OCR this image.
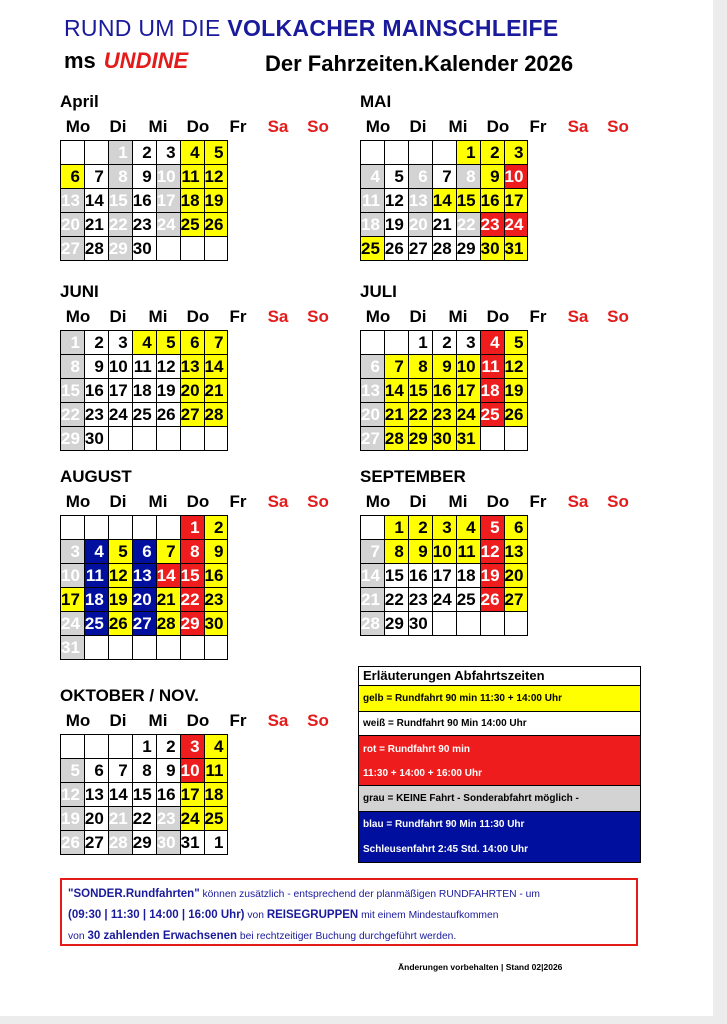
RUND UM DIE VOLKACHER MAINSCHLEIFE
ms UNDINE	Der Fahrzeiten.Kalender 2026
April
Mo	Di	Mi	Do	Fr	Sa	So
		1	2	3	4	5
6	7	8	9	10	11	12
13	14	15	16	17	18	19
20	21	22	23	24	25	26
27	28	29	30			
MAI
Mo	Di	Mi	Do	Fr	Sa	So
				1	2	3
4	5	6	7	8	9	10
11	12	13	14	15	16	17
18	19	20	21	22	23	24
25	26	27	28	29	30	31
JUNI
Mo	Di	Mi	Do	Fr	Sa	So
1	2	3	4	5	6	7
8	9	10	11	12	13	14
15	16	17	18	19	20	21
22	23	24	25	26	27	28
29	30					
JULI
Mo	Di	Mi	Do	Fr	Sa	So
		1	2	3	4	5
6	7	8	9	10	11	12
13	14	15	16	17	18	19
20	21	22	23	24	25	26
27	28	29	30	31		
AUGUST
Mo	Di	Mi	Do	Fr	Sa	So
					1	2
3	4	5	6	7	8	9
10	11	12	13	14	15	16
17	18	19	20	21	22	23
24	25	26	27	28	29	30
31						
SEPTEMBER
Mo	Di	Mi	Do	Fr	Sa	So
	1	2	3	4	5	6
7	8	9	10	11	12	13
14	15	16	17	18	19	20
21	22	23	24	25	26	27
28	29	30				
OKTOBER / NOV.
Mo	Di	Mi	Do	Fr	Sa	So
			1	2	3	4
5	6	7	8	9	10	11
12	13	14	15	16	17	18
19	20	21	22	23	24	25
26	27	28	29	30	31	1
Erläuterungen Abfahrtszeiten
gelb = Rundfahrt 90 min 11:30 + 14:00 Uhr
weiß = Rundfahrt 90 Min 14:00 Uhr
rot = Rundfahrt 90 min
11:30 + 14:00 + 16:00 Uhr
grau = KEINE Fahrt - Sonderabfahrt möglich -
blau = Rundfahrt 90 Min 11:30 Uhr
Schleusenfahrt 2:45 Std. 14:00 Uhr
"SONDER.Rundfahrten" können zusätzlich - entsprechend der planmäßigen RUNDFAHRTEN - um
(09:30 | 11:30 | 14:00 | 16:00 Uhr) von REISEGRUPPEN mit einem Mindestaufkommen
von 30 zahlenden Erwachsenen bei rechtzeitiger Buchung durchgeführt werden.
Änderungen vorbehalten | Stand 02|2026
